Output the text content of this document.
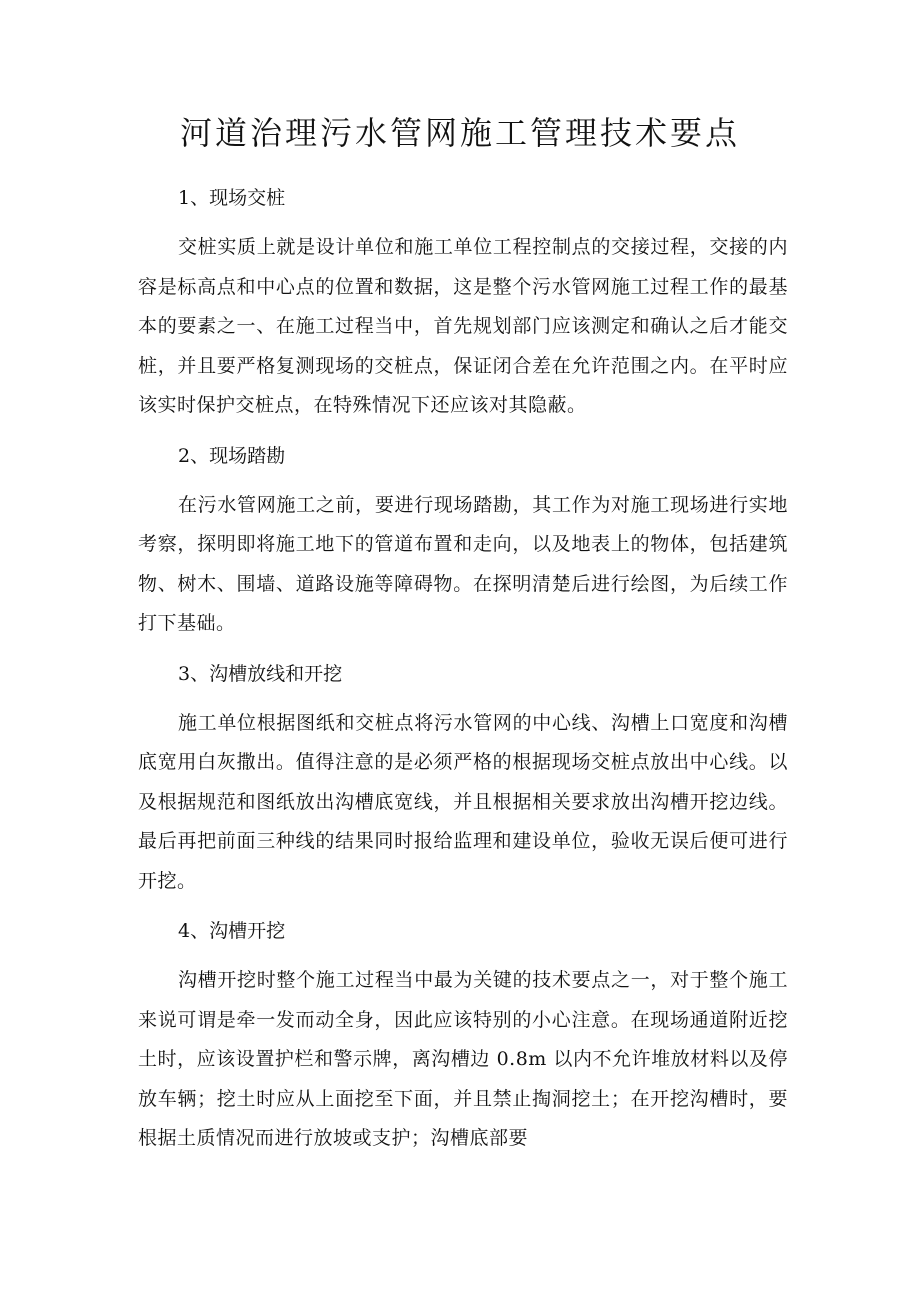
河道治理污水管网施工管理技术要点
1、现场交桩

交桩实质上就是设计单位和施工单位工程控制点的交接过程，交接的内容是标高点和中心点的位置和数据，这是整个污水管网施工过程工作的最基本的要素之一、在施工过程当中，首先规划部门应该测定和确认之后才能交桩，并且要严格复测现场的交桩点，保证闭合差在允许范围之内。在平时应该实时保护交桩点，在特殊情况下还应该对其隐蔽。

2、现场踏勘

在污水管网施工之前，要进行现场踏勘，其工作为对施工现场进行实地考察，探明即将施工地下的管道布置和走向，以及地表上的物体，包括建筑物、树木、围墙、道路设施等障碍物。在探明清楚后进行绘图，为后续工作打下基础。

3、沟槽放线和开挖

施工单位根据图纸和交桩点将污水管网的中心线、沟槽上口宽度和沟槽底宽用白灰撒出。值得注意的是必须严格的根据现场交桩点放出中心线。以及根据规范和图纸放出沟槽底宽线，并且根据相关要求放出沟槽开挖边线。最后再把前面三种线的结果同时报给监理和建设单位，验收无误后便可进行开挖。

4、沟槽开挖

沟槽开挖时整个施工过程当中最为关键的技术要点之一，对于整个施工来说可谓是牵一发而动全身，因此应该特别的小心注意。在现场通道附近挖土时，应该设置护栏和警示牌，离沟槽边 0.8m 以内不允许堆放材料以及停放车辆；挖土时应从上面挖至下面，并且禁止掏洞挖土；在开挖沟槽时，要根据土质情况而进行放坡或支护；沟槽底部要
